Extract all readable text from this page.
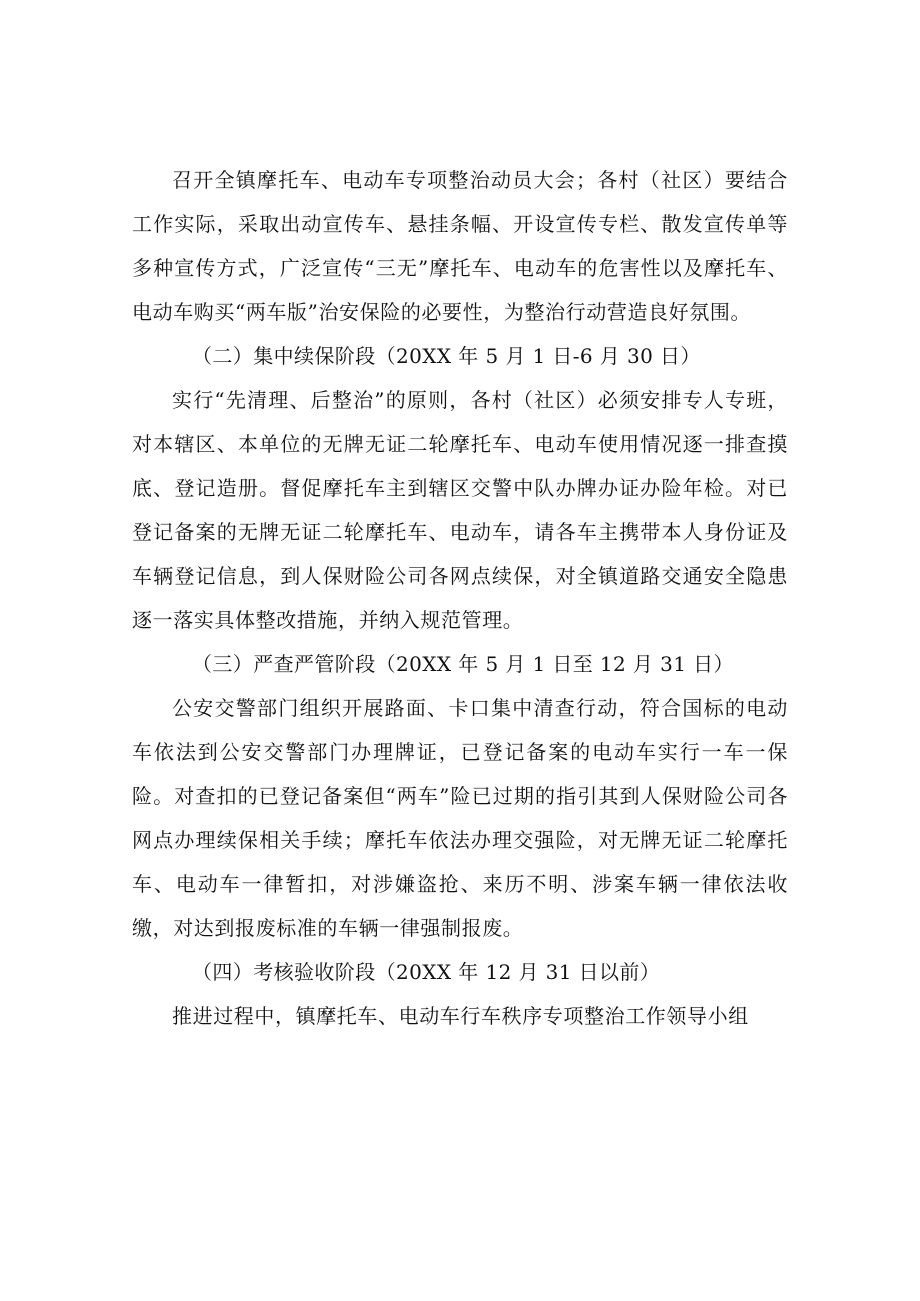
召开全镇摩托车、电动车专项整治动员大会；各村（社区）要结合工作实际，采取出动宣传车、悬挂条幅、开设宣传专栏、散发宣传单等多种宣传方式，广泛宣传“三无”摩托车、电动车的危害性以及摩托车、电动车购买“两车版”治安保险的必要性，为整治行动营造良好氛围。

（二）集中续保阶段（20XX 年 5 月 1 日-6 月 30 日）

实行“先清理、后整治”的原则，各村（社区）必须安排专人专班，对本辖区、本单位的无牌无证二轮摩托车、电动车使用情况逐一排查摸底、登记造册。督促摩托车主到辖区交警中队办牌办证办险年检。对已登记备案的无牌无证二轮摩托车、电动车，请各车主携带本人身份证及车辆登记信息，到人保财险公司各网点续保，对全镇道路交通安全隐患逐一落实具体整改措施，并纳入规范管理。

（三）严查严管阶段（20XX 年 5 月 1 日至 12 月 31 日）

公安交警部门组织开展路面、卡口集中清查行动，符合国标的电动车依法到公安交警部门办理牌证，已登记备案的电动车实行一车一保险。对查扣的已登记备案但“两车”险已过期的指引其到人保财险公司各网点办理续保相关手续；摩托车依法办理交强险，对无牌无证二轮摩托车、电动车一律暂扣，对涉嫌盗抢、来历不明、涉案车辆一律依法收缴，对达到报废标准的车辆一律强制报废。

（四）考核验收阶段（20XX 年 12 月 31 日以前）

推进过程中，镇摩托车、电动车行车秩序专项整治工作领导小组
